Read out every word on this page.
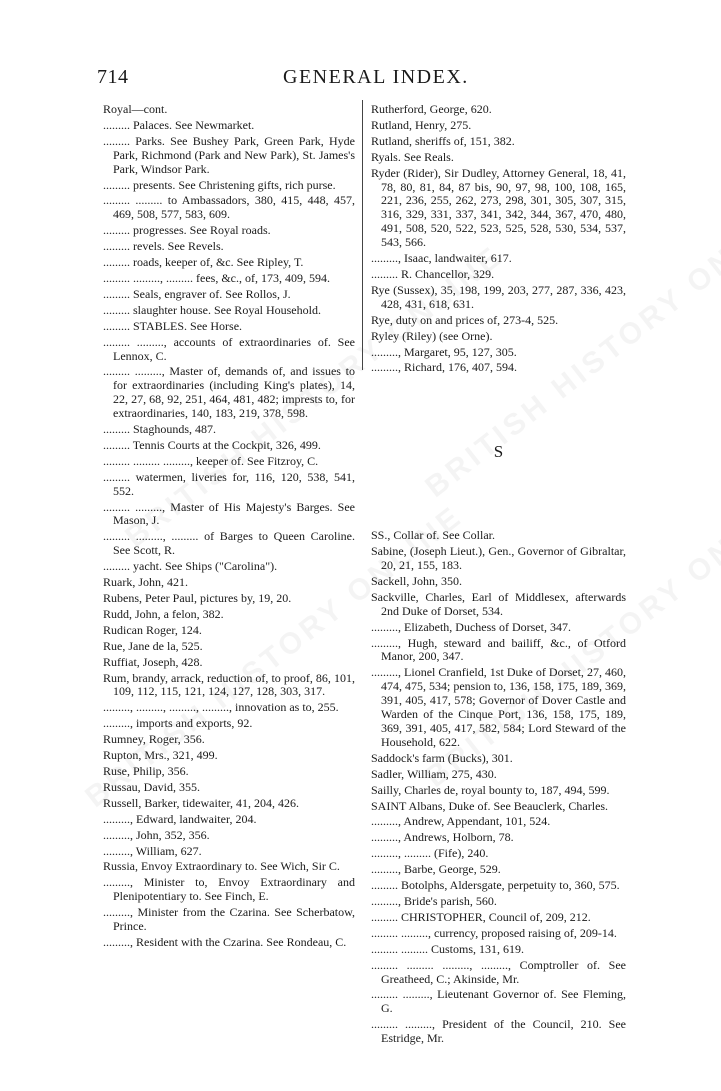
714	GENERAL INDEX.
Royal—cont.
......... Palaces. See Newmarket.
......... Parks. See Bushey Park, Green Park, Hyde Park, Richmond (Park and New Park), St. James's Park, Windsor Park.
......... presents. See Christening gifts, rich purse.
......... ......... to Ambassadors, 380, 415, 448, 457, 469, 508, 577, 583, 609.
......... progresses. See Royal roads.
......... revels. See Revels.
......... roads, keeper of, &c. See Ripley, T.
......... ........., ......... fees, &c., of, 173, 409, 594.
......... Seals, engraver of. See Rollos, J.
......... slaughter house. See Royal Household.
......... STABLES. See Horse.
......... ........., accounts of extraordinaries of. See Lennox, C.
......... ........., Master of, demands of, and issues to for extraordinaries (including King's plates), 14, 22, 27, 68, 92, 251, 464, 481, 482; imprests to, for extraordinaries, 140, 183, 219, 378, 598.
......... Staghounds, 487.
......... Tennis Courts at the Cockpit, 326, 499.
......... ......... ........., keeper of. See Fitzroy, C.
......... watermen, liveries for, 116, 120, 538, 541, 552.
......... ........., Master of His Majesty's Barges. See Mason, J.
......... ........., ......... of Barges to Queen Caroline. See Scott, R.
......... yacht. See Ships ("Carolina").
Ruark, John, 421.
Rubens, Peter Paul, pictures by, 19, 20.
Rudd, John, a felon, 382.
Rudican Roger, 124.
Rue, Jane de la, 525.
Ruffiat, Joseph, 428.
Rum, brandy, arrack, reduction of, to proof, 86, 101, 109, 112, 115, 121, 124, 127, 128, 303, 317.
........., ........., ........., ........., innovation as to, 255.
........., imports and exports, 92.
Rumney, Roger, 356.
Rupton, Mrs., 321, 499.
Ruse, Philip, 356.
Russau, David, 355.
Russell, Barker, tidewaiter, 41, 204, 426.
........., Edward, landwaiter, 204.
........., John, 352, 356.
........., William, 627.
Russia, Envoy Extraordinary to. See Wich, Sir C.
........., Minister to, Envoy Extraordinary and Plenipotentiary to. See Finch, E.
........., Minister from the Czarina. See Scherbatow, Prince.
........., Resident with the Czarina. See Rondeau, C.
Rutherford, George, 620.
Rutland, Henry, 275.
Rutland, sheriffs of, 151, 382.
Ryals. See Reals.
Ryder (Rider), Sir Dudley, Attorney General, 18, 41, 78, 80, 81, 84, 87 bis, 90, 97, 98, 100, 108, 165, 221, 236, 255, 262, 273, 298, 301, 305, 307, 315, 316, 329, 331, 337, 341, 342, 344, 367, 470, 480, 491, 508, 520, 522, 523, 525, 528, 530, 534, 537, 543, 566.
........., Isaac, landwaiter, 617.
......... R. Chancellor, 329.
Rye (Sussex), 35, 198, 199, 203, 277, 287, 336, 423, 428, 431, 618, 631.
Rye, duty on and prices of, 273-4, 525.
Ryley (Riley) (see Orne).
........., Margaret, 95, 127, 305.
........., Richard, 176, 407, 594.
S
SS., Collar of. See Collar.
Sabine, (Joseph Lieut.), Gen., Governor of Gibraltar, 20, 21, 155, 183.
Sackell, John, 350.
Sackville, Charles, Earl of Middlesex, afterwards 2nd Duke of Dorset, 534.
........., Elizabeth, Duchess of Dorset, 347.
........., Hugh, steward and bailiff, &c., of Otford Manor, 200, 347.
........., Lionel Cranfield, 1st Duke of Dorset, 27, 460, 474, 475, 534; pension to, 136, 158, 175, 189, 369, 391, 405, 417, 578; Governor of Dover Castle and Warden of the Cinque Port, 136, 158, 175, 189, 369, 391, 405, 417, 582, 584; Lord Steward of the Household, 622.
Saddock's farm (Bucks), 301.
Sadler, William, 275, 430.
Sailly, Charles de, royal bounty to, 187, 494, 599.
SAINT Albans, Duke of. See Beauclerk, Charles.
........., Andrew, Appendant, 101, 524.
........., Andrews, Holborn, 78.
........., ......... (Fife), 240.
........., Barbe, George, 529.
......... Botolphs, Aldersgate, perpetuity to, 360, 575.
........., Bride's parish, 560.
......... CHRISTOPHER, Council of, 209, 212.
......... ........., currency, proposed raising of, 209-14.
......... ......... Customs, 131, 619.
......... ......... ........., ........., Comptroller of. See Greatheed, C.; Akinside, Mr.
......... ........., Lieutenant Governor of. See Fleming, G.
......... ........., President of the Council, 210. See Estridge, Mr.
